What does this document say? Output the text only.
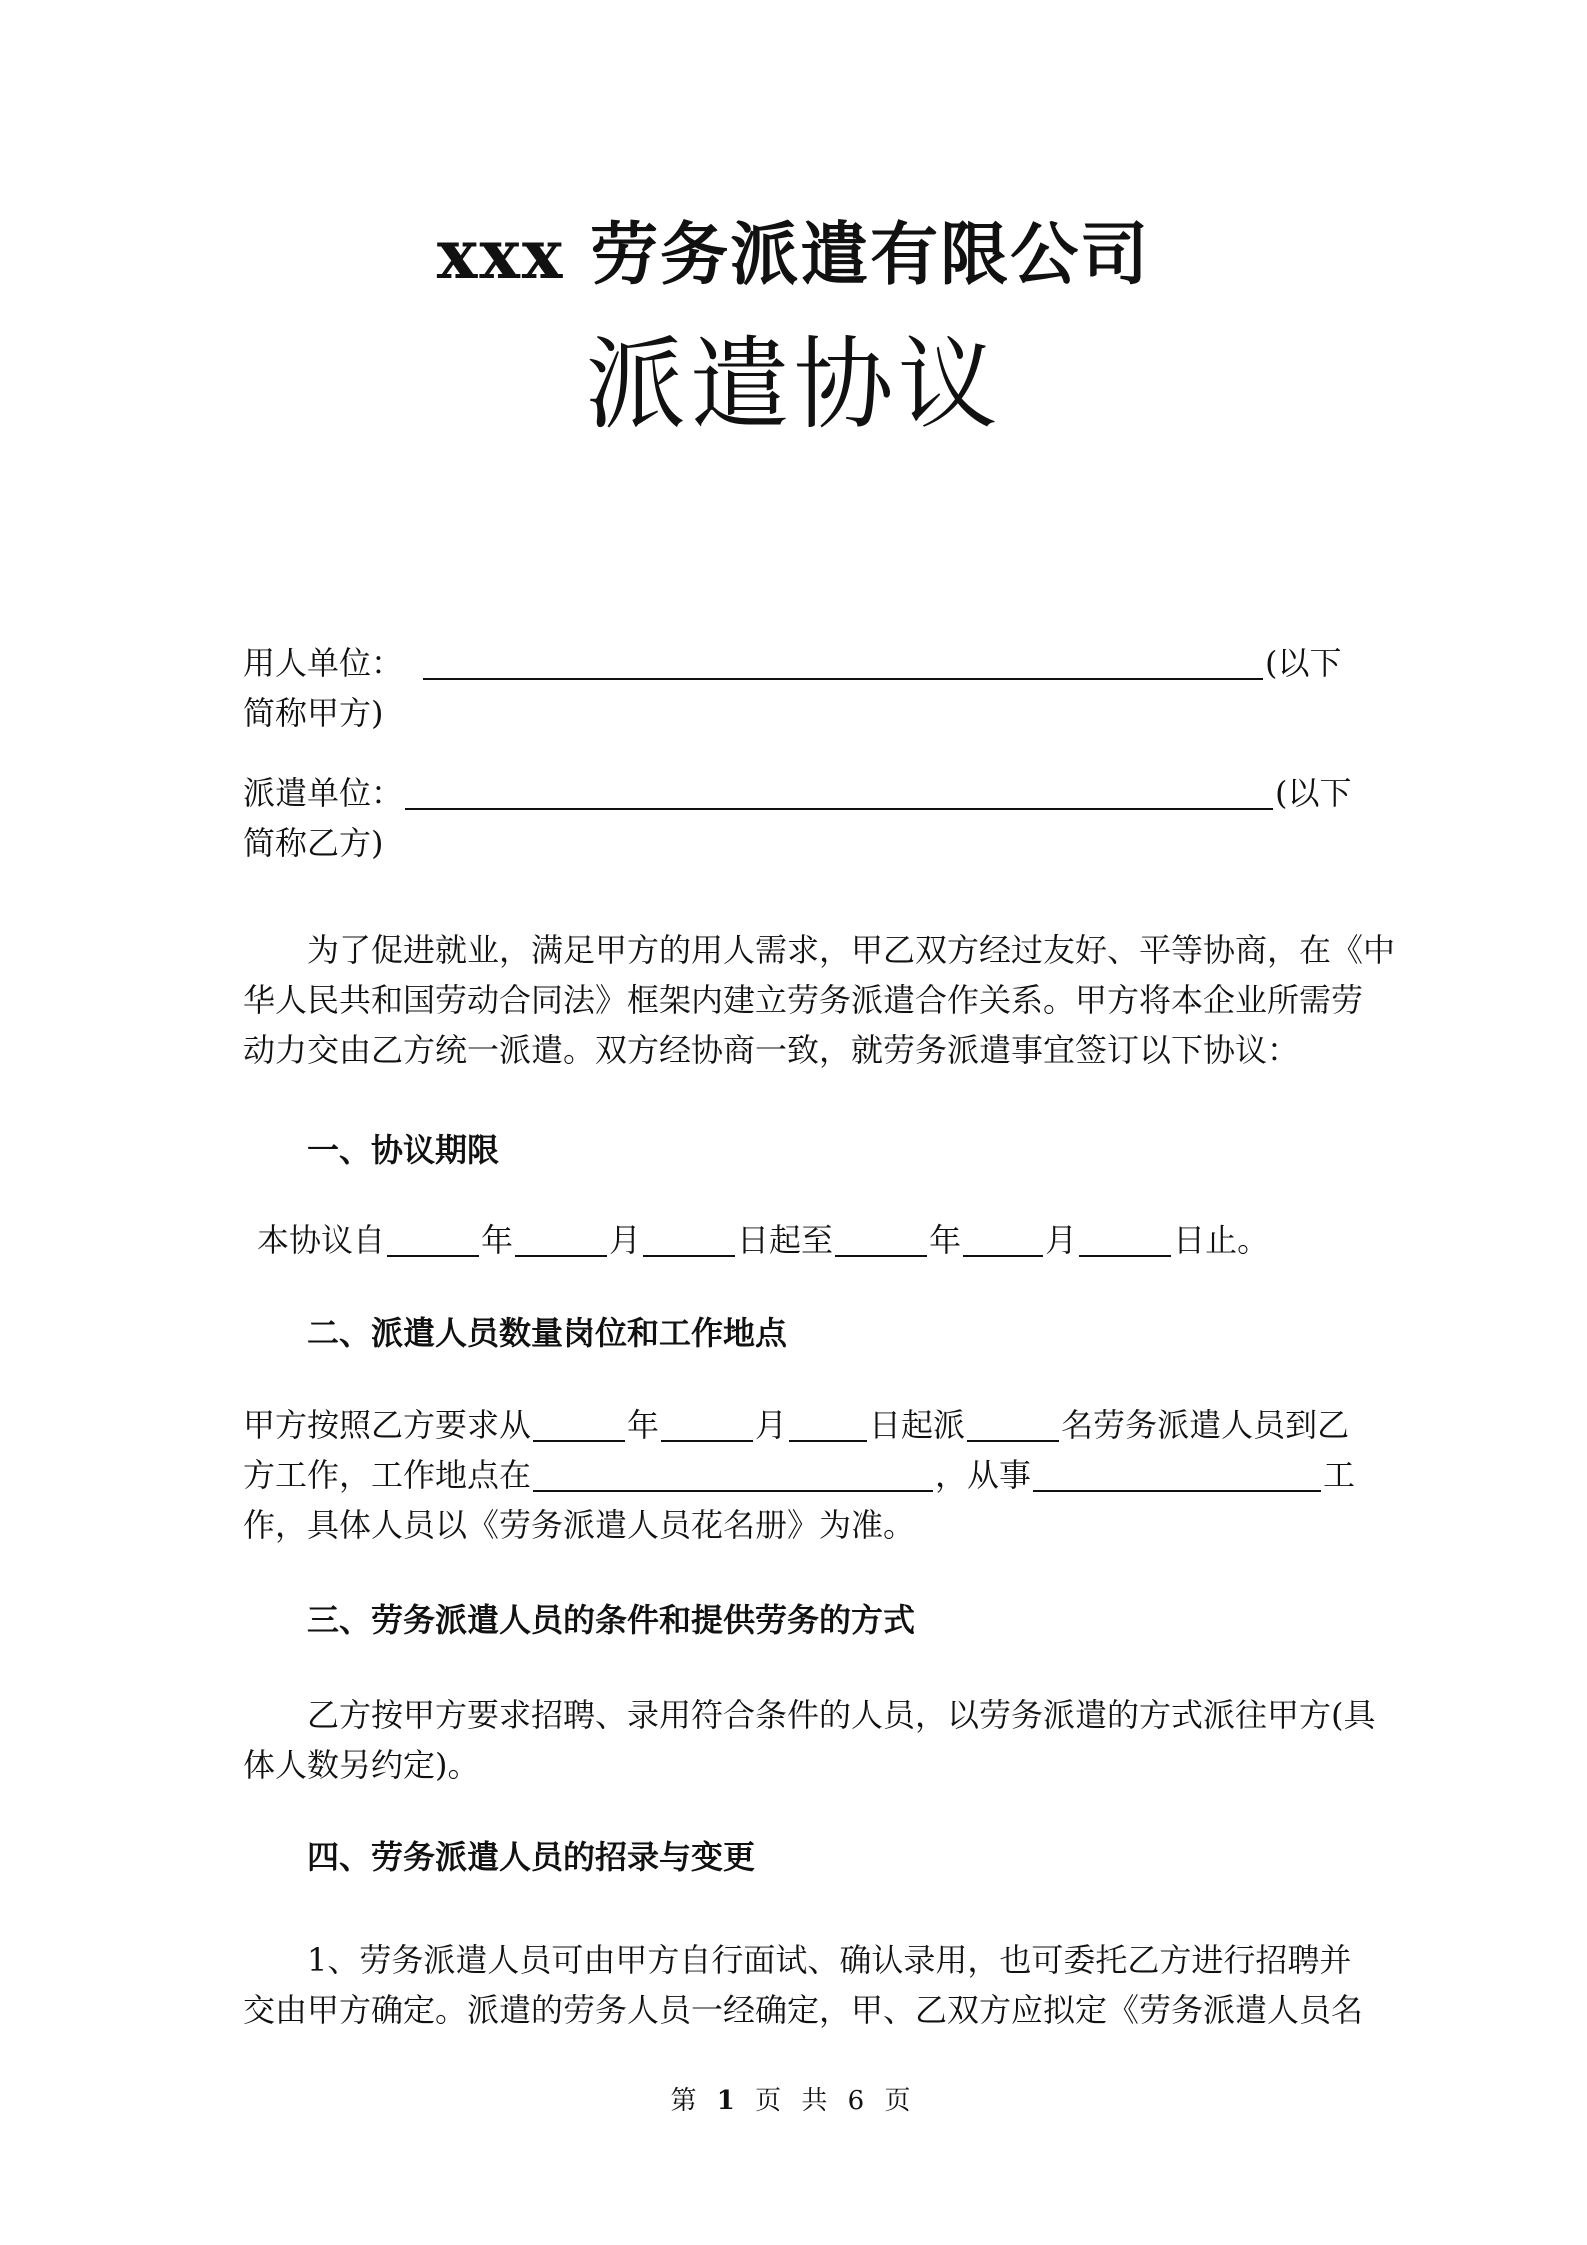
xxx 劳务派遣有限公司
派遣协议
用人单位：	(以下
简称甲方)
派遣单位：	(以下
简称乙方)
为了促进就业，满足甲方的用人需求，甲乙双方经过友好、平等协商，在《中
华人民共和国劳动合同法》框架内建立劳务派遣合作关系。甲方将本企业所需劳
动力交由乙方统一派遣。双方经协商一致，就劳务派遣事宜签订以下协议：
一、协议期限
本协议自	年	月	日起至	年	月	日止。
二、派遣人员数量岗位和工作地点
甲方按照乙方要求从	年	月	日起派	名劳务派遣人员到乙
方工作，工作地点在	，从事	工
作，具体人员以《劳务派遣人员花名册》为准。
三、劳务派遣人员的条件和提供劳务的方式
乙方按甲方要求招聘、录用符合条件的人员，以劳务派遣的方式派往甲方(具
体人数另约定)。
四、劳务派遣人员的招录与变更
1、劳务派遣人员可由甲方自行面试、确认录用，也可委托乙方进行招聘并
交由甲方确定。派遣的劳务人员一经确定，甲、乙双方应拟定《劳务派遣人员名
第 1 页 共 6 页
